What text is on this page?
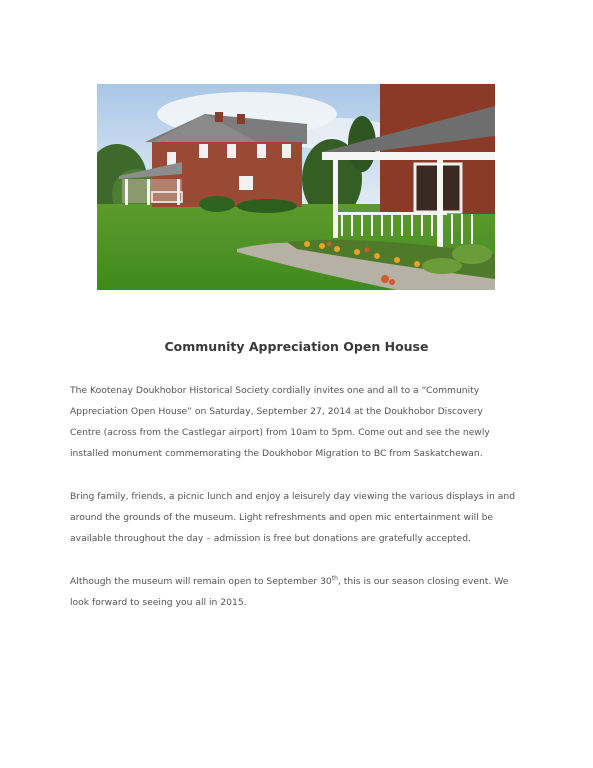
Community Appreciation Open House

The Kootenay Doukhobor Historical Society cordially invites one and all to a “Community
Appreciation Open House” on Saturday, September 27, 2014 at the Doukhobor Discovery
Centre (across from the Castlegar airport) from 10am to 5pm. Come out and see the newly
installed monument commemorating the Doukhobor Migration to BC from Saskatchewan.

Bring family, friends, a picnic lunch and enjoy a leisurely day viewing the various displays in and
around the grounds of the museum. Light refreshments and open mic entertainment will be
available throughout the day – admission is free but donations are gratefully accepted.

Although the museum will remain open to September 30th, this is our season closing event. We
look forward to seeing you all in 2015.
